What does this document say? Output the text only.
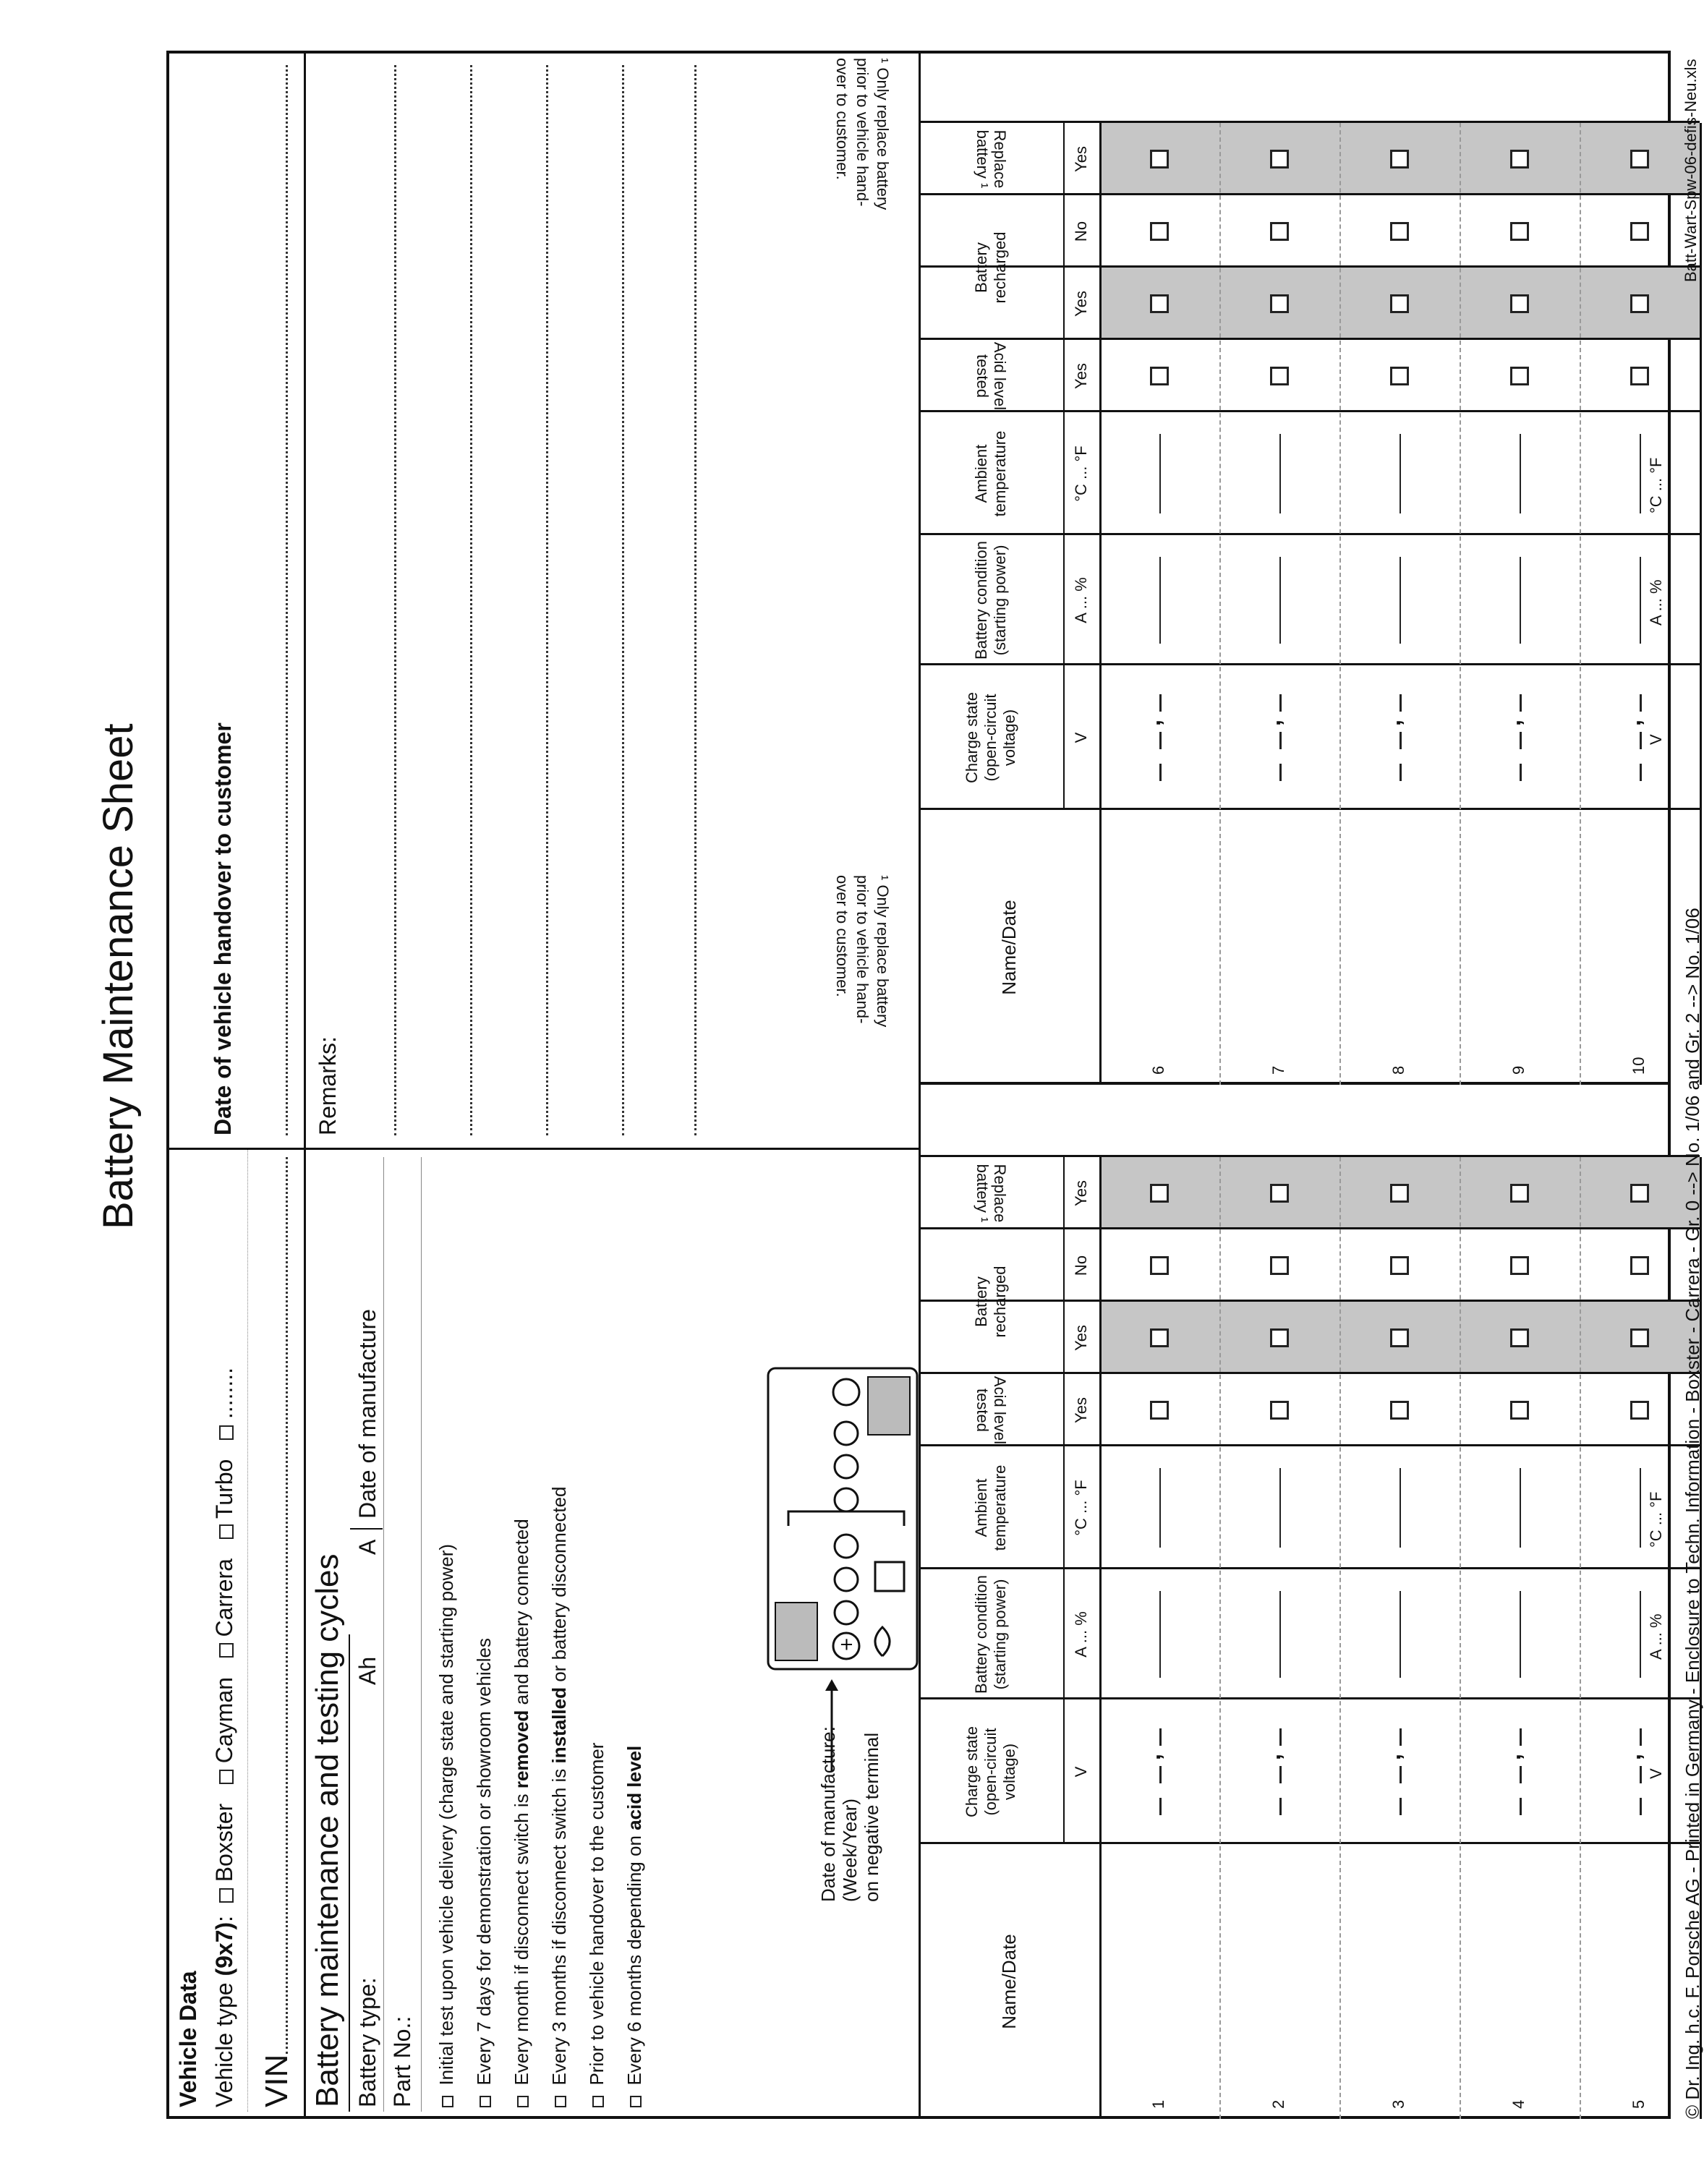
Battery Maintenance Sheet
Vehicle Data Vehicle type (9x7):   Boxster    Cayman    Carrera    Turbo    ........
VIN
Date of vehicle handover to customer	Remarks:
Battery maintenance and testing cycles Battery type:
Ah
A
Date of manufacture
Part No.: Initial test upon vehicle delivery (charge state and starting power) Every 7 days for demonstration or showroom vehicles Every month if disconnect switch is removed and battery connected
Every 3 months if disconnect switch is installed or battery disconnected
Prior to vehicle handover to the customer Every 6 months depending on acid level	Date of manufacture: (Week/Year) on negative terminal
+
Name/Date
Charge state (open-circuit voltage)
Battery condition (starting power)
Ambient temperature
Acid level
tested
Battery recharged
Replace
battery ¹
V
A ... %
°C ... °F
Yes
Yes
No
Yes
1
,
2
,
3
,
4
,
5
,
V
A ... %
°C ... °F
Name/Date
Charge state (open-circuit voltage)
Battery condition (starting power)
Ambient temperature
Acid level
tested
Battery recharged
Replace
battery ¹
V
A ... %
°C ... °F
Yes
Yes
No
Yes
6
,
7
,
8
,
9
,
10
,
V
A ... %
°C ... °F
¹ Only replace battery
prior to vehicle hand-
over to customer.
¹ Only replace battery
prior to vehicle hand-
over to customer.
© Dr. Ing. h.c. F. Porsche AG - Printed in Germany - Enclosure to Techn. Information - Boxster - Carrera - Gr. 0 --> No. 1/06 and Gr. 2 --> No. 1/06
Batt-Wart-Spw-06-defis-Neu.xls
